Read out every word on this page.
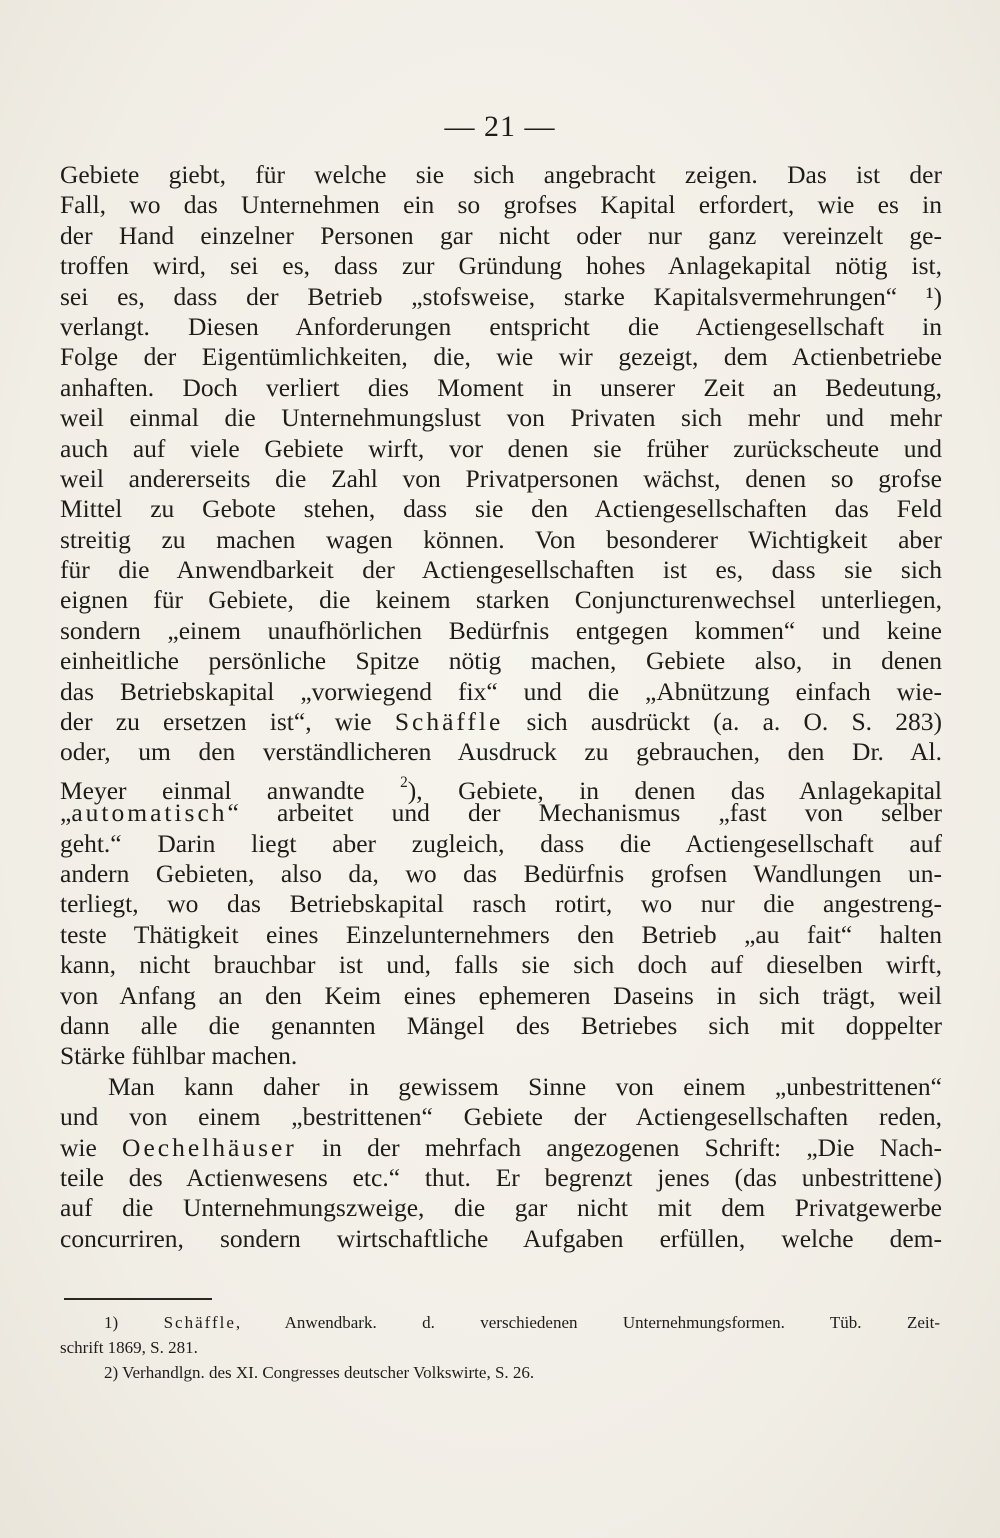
— 21 —
Gebiete giebt, für welche sie sich angebracht zeigen. Das ist der
Fall, wo das Unternehmen ein so grofses Kapital erfordert, wie es in
der Hand einzelner Personen gar nicht oder nur ganz vereinzelt ge-
troffen wird, sei es, dass zur Gründung hohes Anlagekapital nötig ist,
sei es, dass der Betrieb „stofsweise, starke Kapitalsvermehrungen“ ¹)
verlangt. Diesen Anforderungen entspricht die Actiengesellschaft in
Folge der Eigentümlichkeiten, die, wie wir gezeigt, dem Actienbetriebe
anhaften. Doch verliert dies Moment in unserer Zeit an Bedeutung,
weil einmal die Unternehmungslust von Privaten sich mehr und mehr
auch auf viele Gebiete wirft, vor denen sie früher zurückscheute und
weil andererseits die Zahl von Privatpersonen wächst, denen so grofse
Mittel zu Gebote stehen, dass sie den Actiengesellschaften das Feld
streitig zu machen wagen können. Von besonderer Wichtigkeit aber
für die Anwendbarkeit der Actiengesellschaften ist es, dass sie sich
eignen für Gebiete, die keinem starken Conjuncturenwechsel unterliegen,
sondern „einem unaufhörlichen Bedürfnis entgegen kommen“ und keine
einheitliche persönliche Spitze nötig machen, Gebiete also, in denen
das Betriebskapital „vorwiegend fix“ und die „Abnützung einfach wie-
der zu ersetzen ist“, wie Schäffle sich ausdrückt (a. a. O. S. 283)
oder, um den verständlicheren Ausdruck zu gebrauchen, den Dr. Al.
Meyer einmal anwandte $^2$), Gebiete, in denen das Anlagekapital
„automatisch“ arbeitet und der Mechanismus „fast von selber
geht.“ Darin liegt aber zugleich, dass die Actiengesellschaft auf
andern Gebieten, also da, wo das Bedürfnis grofsen Wandlungen un-
terliegt, wo das Betriebskapital rasch rotirt, wo nur die angestreng-
teste Thätigkeit eines Einzelunternehmers den Betrieb „au fait“ halten
kann, nicht brauchbar ist und, falls sie sich doch auf dieselben wirft,
von Anfang an den Keim eines ephemeren Daseins in sich trägt, weil
dann alle die genannten Mängel des Betriebes sich mit doppelter
Stärke fühlbar machen.
Man kann daher in gewissem Sinne von einem „unbestrittenen“
und von einem „bestrittenen“ Gebiete der Actiengesellschaften reden,
wie Oechelhäuser in der mehrfach angezogenen Schrift: „Die Nach-
teile des Actienwesens etc.“ thut. Er begrenzt jenes (das unbestrittene)
auf die Unternehmungszweige, die gar nicht mit dem Privatgewerbe
concurriren, sondern wirtschaftliche Aufgaben erfüllen, welche dem-
1) Schäffle, Anwendbark. d. verschiedenen Unternehmungsformen. Tüb. Zeit-
schrift 1869, S. 281.
2) Verhandlgn. des XI. Congresses deutscher Volkswirte, S. 26.
